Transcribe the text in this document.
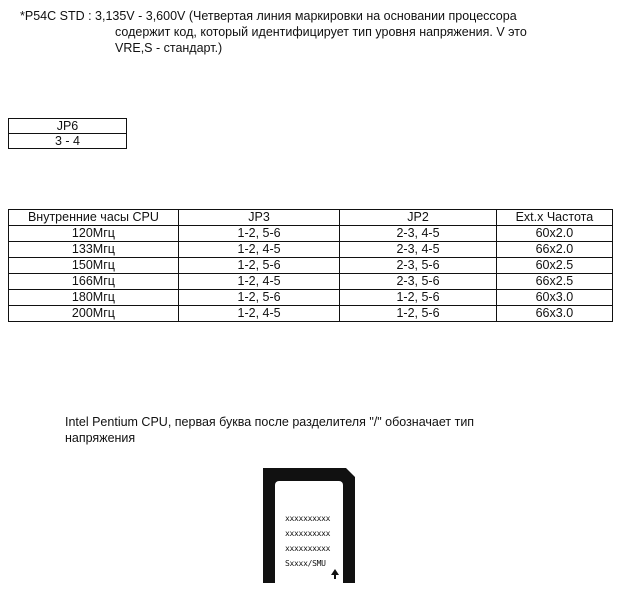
*P54C STD : 3,135V - 3,600V (Четвертая линия маркировки на основании процессора
содержит код, который идентифицирует тип уровня напряжения. V это
VRE,S - стандарт.)
JP6
3 - 4
Внутренние часы CPU	JP3	JP2	Ext.x Частота
120Мгц	1-2, 5-6	2-3, 4-5	60x2.0
133Мгц	1-2, 4-5	2-3, 4-5	66x2.0
150Мгц	1-2, 5-6	2-3, 5-6	60x2.5
166Мгц	1-2, 4-5	2-3, 5-6	66x2.5
180Мгц	1-2, 5-6	1-2, 5-6	60x3.0
200Мгц	1-2, 4-5	1-2, 5-6	66x3.0
Intel Pentium CPU, первая буква после разделителя "/" обозначает тип
напряжения
xxxxxxxxxx
xxxxxxxxxx
xxxxxxxxxx
Sxxxx/SMU
